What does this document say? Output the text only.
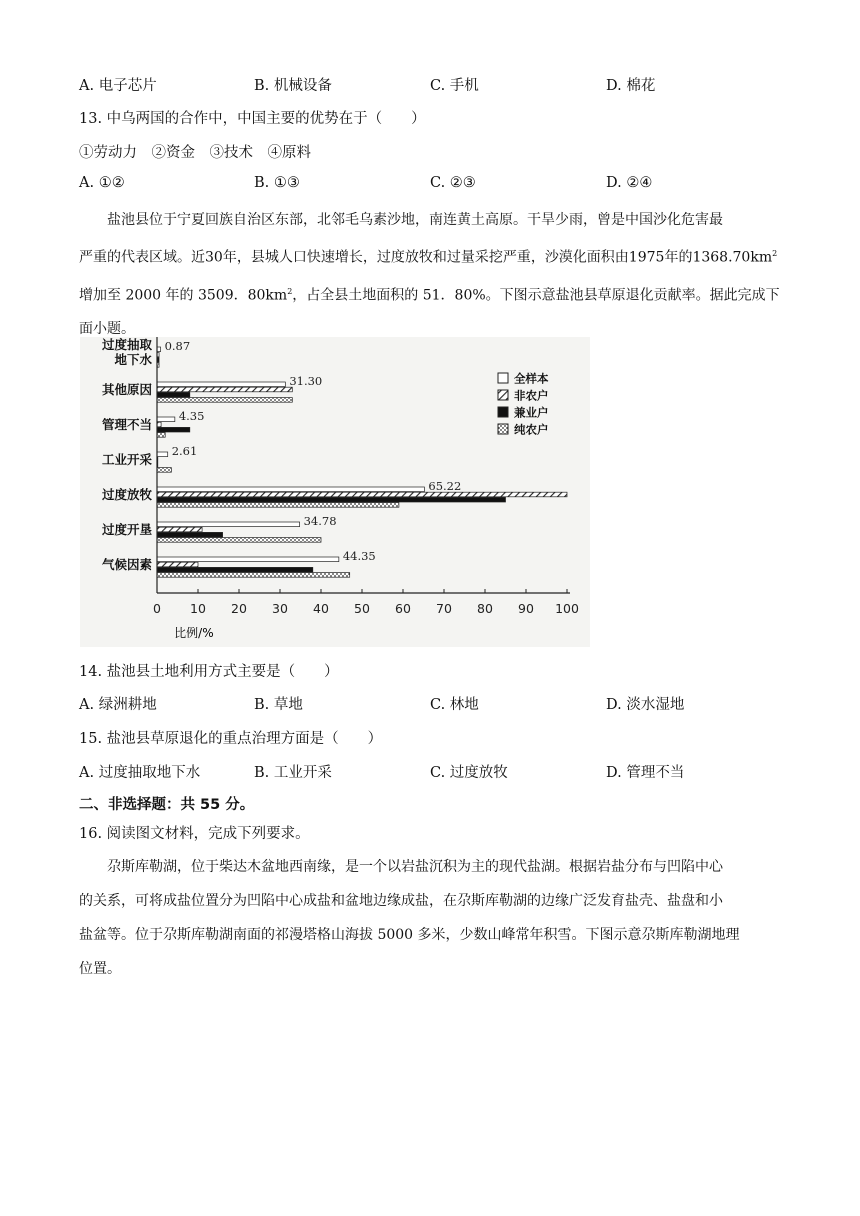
A. 电子芯片	B. 机械设备	C. 手机	D. 棉花
13. 中乌两国的合作中，中国主要的优势在于（　　）
①劳动力　②资金　③技术　④原料
A. ①②	B. ①③	C. ②③	D. ②④
盐池县位于宁夏回族自治区东部，北邻毛乌素沙地，南连黄土高原。干旱少雨，曾是中国沙化危害最
严重的代表区域。近30年，县城人口快速增长，过度放牧和过量采挖严重，沙漠化面积由1975年的$1368.70km^2$
增加至 2000 年的 3509．$80km^2$，占全县土地面积的 51．80%。下图示意盐池县草原退化贡献率。据此完成下
面小题。
过度抽取
地下水
其他原因
管理不当
工业开采
过度放牧
过度开垦
气候因素
0.87
31.30
4.35
2.61
65.22
34.78
44.35
0 10 20 30 40 50 60 70 80 90 100
比例/%
全样本
非农户
兼业户
纯农户
14. 盐池县土地利用方式主要是（　　）
A. 绿洲耕地	B. 草地	C. 林地	D. 淡水湿地
15. 盐池县草原退化的重点治理方面是（　　）
A. 过度抽取地下水	B. 工业开采	C. 过度放牧	D. 管理不当
二、非选择题：共 55 分。
16. 阅读图文材料，完成下列要求。
尕斯库勒湖，位于柴达木盆地西南缘，是一个以岩盐沉积为主的现代盐湖。根据岩盐分布与凹陷中心
的关系，可将成盐位置分为凹陷中心成盐和盆地边缘成盐，在尕斯库勒湖的边缘广泛发育盐壳、盐盘和小
盐盆等。位于尕斯库勒湖南面的祁漫塔格山海拔 5000 多米，少数山峰常年积雪。下图示意尕斯库勒湖地理
位置。
